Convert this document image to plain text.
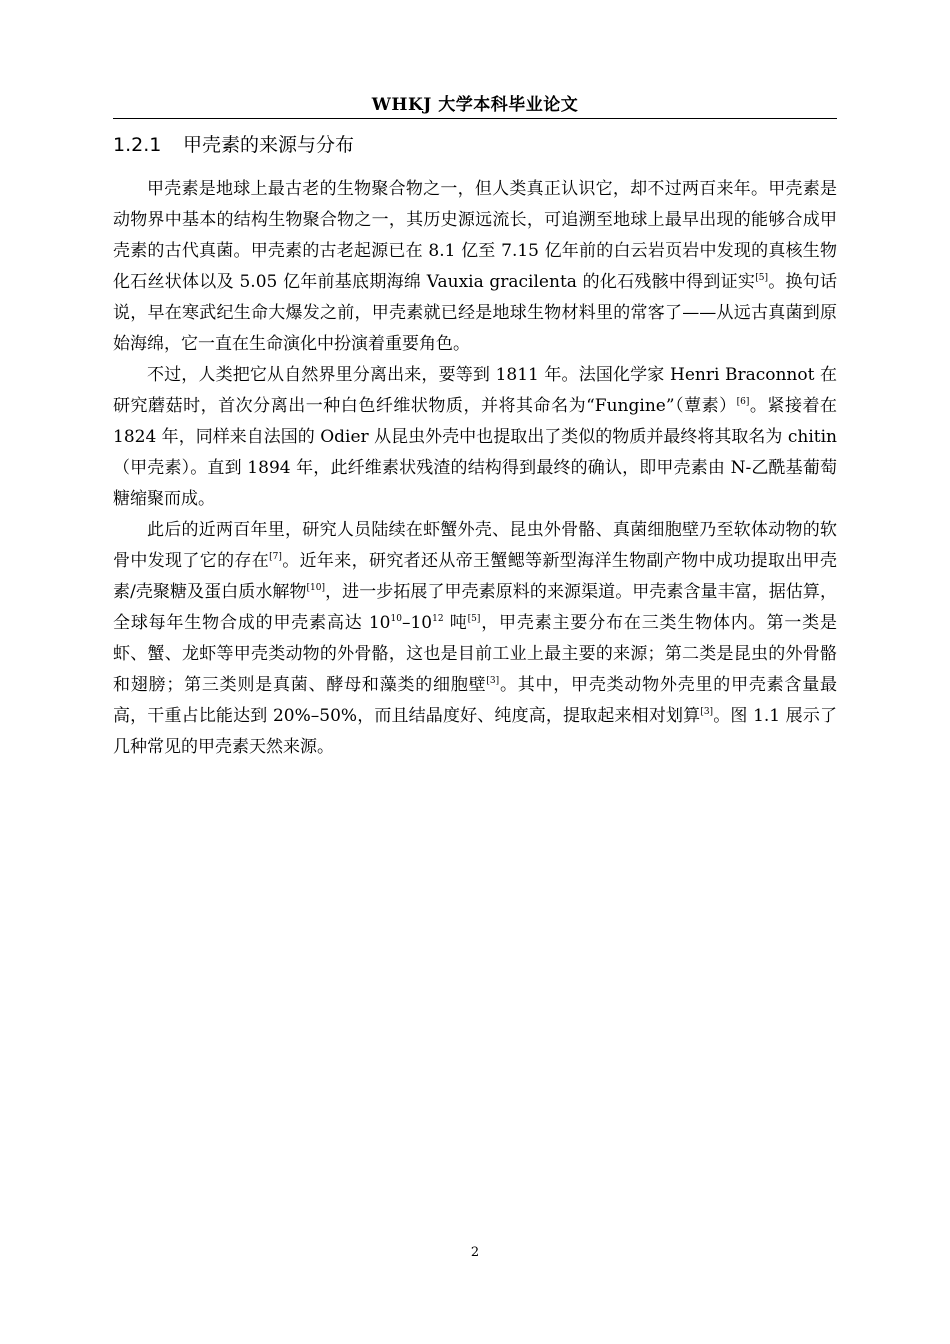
WHKJ 大学本科毕业论文
1.2.1 甲壳素的来源与分布

甲壳素是地球上最古老的生物聚合物之一，但人类真正认识它，却不过两百来年。甲壳素是动物界中基本的结构生物聚合物之一，其历史源远流长，可追溯至地球上最早出现的能够合成甲壳素的古代真菌。甲壳素的古老起源已在 8.1 亿至 7.15 亿年前的白云岩页岩中发现的真核生物化石丝状体以及 5.05 亿年前基底期海绵 Vauxia gracilenta 的化石残骸中得到证实[5]。换句话说，早在寒武纪生命大爆发之前，甲壳素就已经是地球生物材料里的常客了——从远古真菌到原始海绵，它一直在生命演化中扮演着重要角色。

不过，人类把它从自然界里分离出来，要等到 1811 年。法国化学家 Henri Braconnot 在研究蘑菇时，首次分离出一种白色纤维状物质，并将其命名为“Fungine”（蕈素）[6]。紧接着在 1824 年，同样来自法国的 Odier 从昆虫外壳中也提取出了类似的物质并最终将其取名为 chitin（甲壳素）。直到 1894 年，此纤维素状残渣的结构得到最终的确认，即甲壳素由 N-乙酰基葡萄糖缩聚而成。

此后的近两百年里，研究人员陆续在虾蟹外壳、昆虫外骨骼、真菌细胞壁乃至软体动物的软骨中发现了它的存在[7]。近年来，研究者还从帝王蟹鳃等新型海洋生物副产物中成功提取出甲壳素/壳聚糖及蛋白质水解物[10]，进一步拓展了甲壳素原料的来源渠道。甲壳素含量丰富，据估算，全球每年生物合成的甲壳素高达 $10^{10}-10^{12}$ 吨[5]，甲壳素主要分布在三类生物体内。第一类是虾、蟹、龙虾等甲壳类动物的外骨骼，这也是目前工业上最主要的来源；第二类是昆虫的外骨骼和翅膀；第三类则是真菌、酵母和藻类的细胞壁[3]。其中，甲壳类动物外壳里的甲壳素含量最高，干重占比能达到 20%–50%，而且结晶度好、纯度高，提取起来相对划算[3]。图 1.1 展示了几种常见的甲壳素天然来源。

2
